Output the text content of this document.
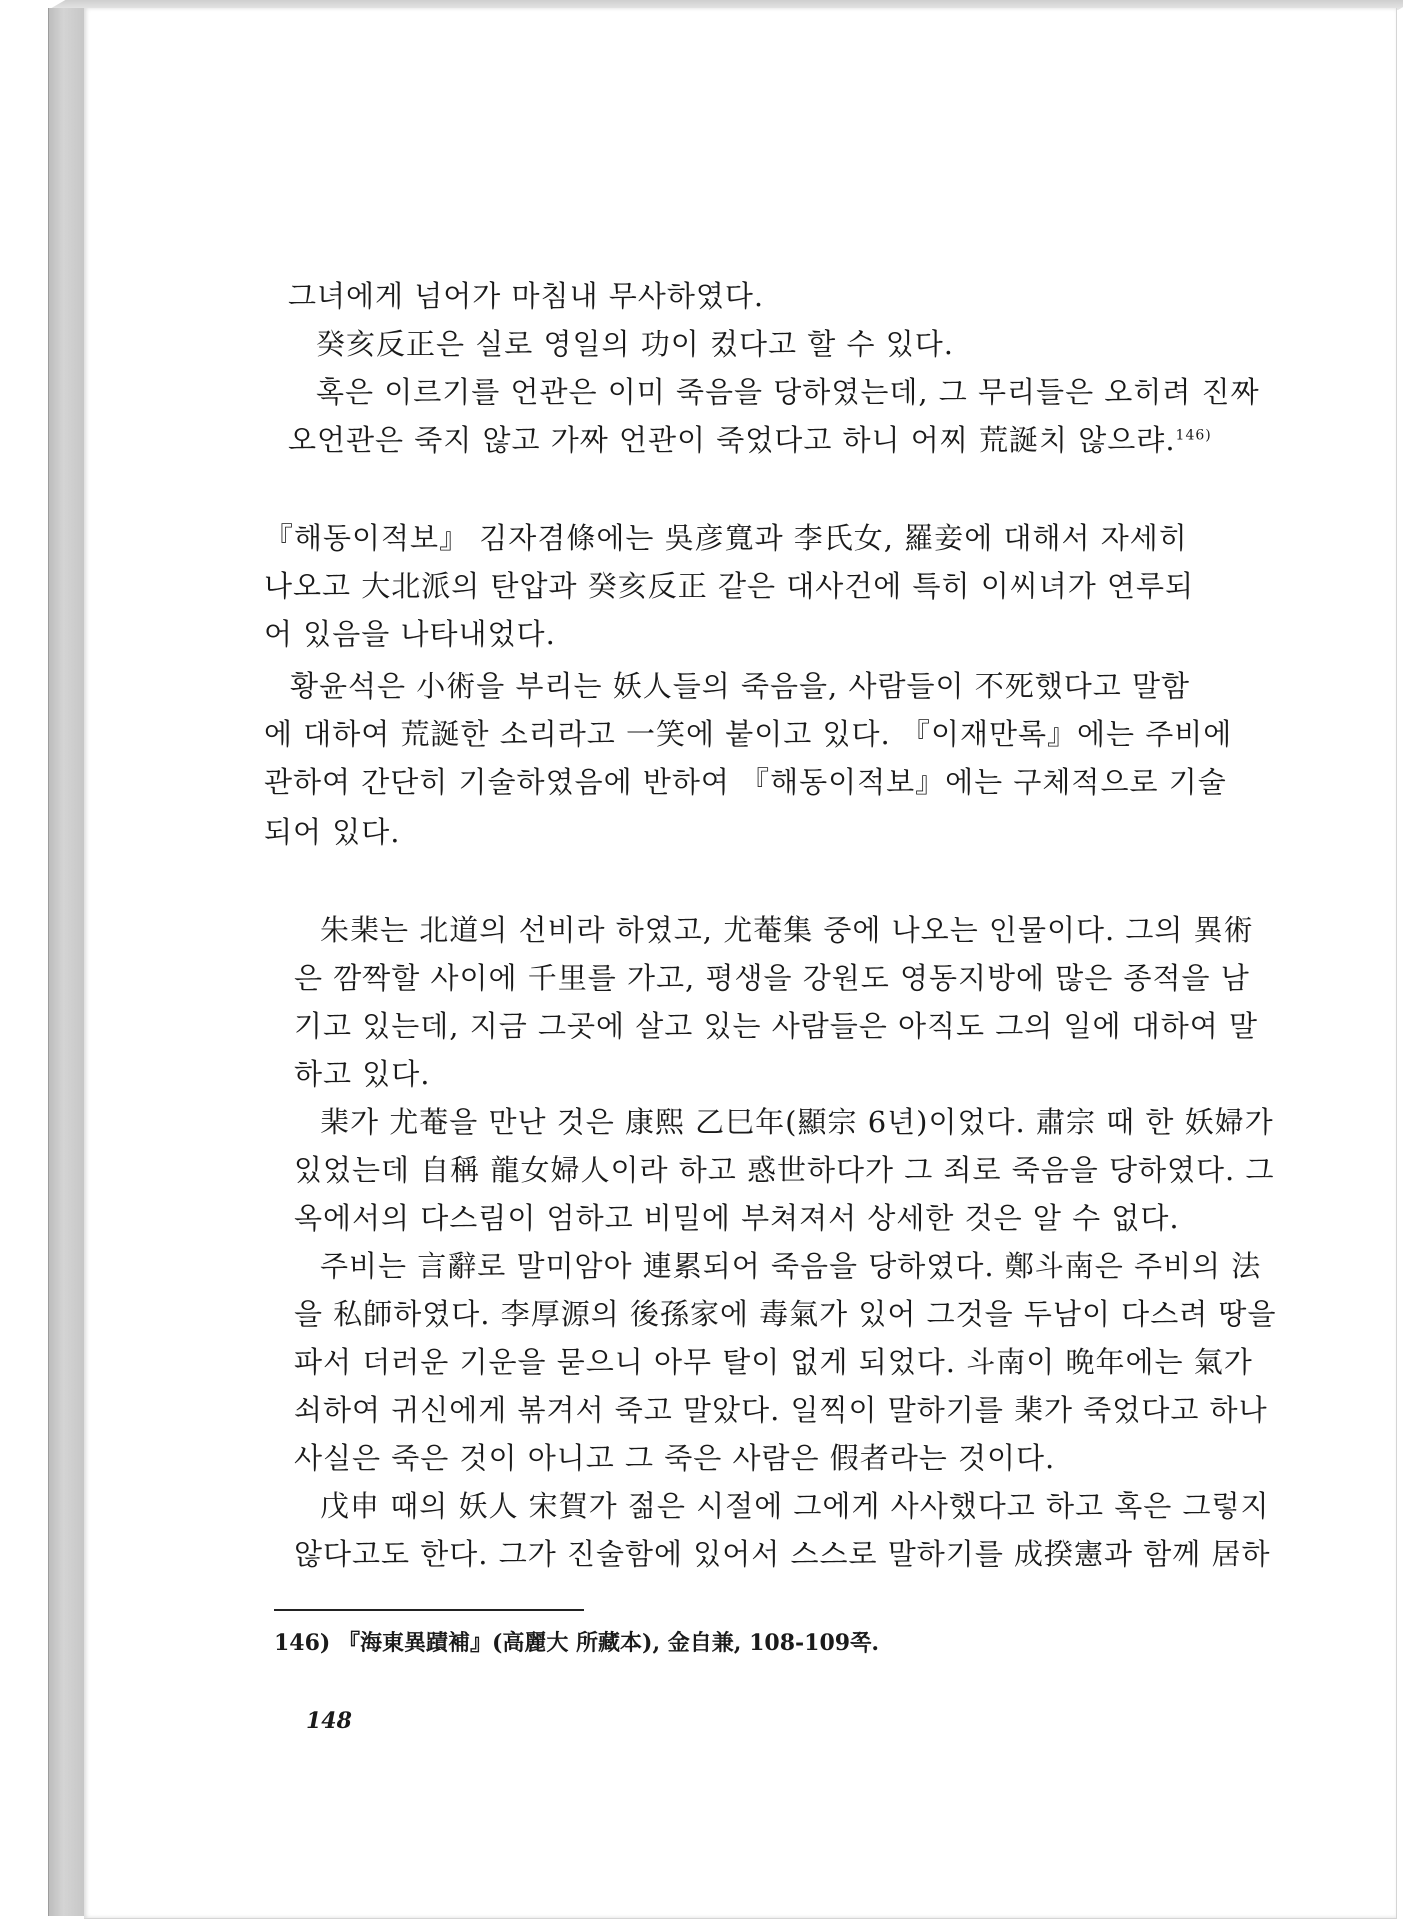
그녀에게 넘어가 마침내 무사하였다.
癸亥反正은 실로 영일의 功이 컸다고 할 수 있다.
혹은 이르기를 언관은 이미 죽음을 당하였는데, 그 무리들은 오히려 진짜
오언관은 죽지 않고 가짜 언관이 죽었다고 하니 어찌 荒誕치 않으랴.$^{146)}$
『해동이적보』 김자겸條에는 吳彦寬과 李氏女, 羅妾에 대해서 자세히
나오고 大北派의 탄압과 癸亥反正 같은 대사건에 특히 이씨녀가 연루되
어 있음을 나타내었다.
황윤석은 小術을 부리는 妖人들의 죽음을, 사람들이 不死했다고 말함
에 대하여 荒誕한 소리라고 一笑에 붙이고 있다. 『이재만록』에는 주비에
관하여 간단히 기술하였음에 반하여 『해동이적보』에는 구체적으로 기술
되어 있다.
朱棐는 北道의 선비라 하였고, 尤菴集 중에 나오는 인물이다. 그의 異術
은 깜짝할 사이에 千里를 가고, 평생을 강원도 영동지방에 많은 종적을 남
기고 있는데, 지금 그곳에 살고 있는 사람들은 아직도 그의 일에 대하여 말
하고 있다.
棐가 尤菴을 만난 것은 康熙 乙巳年(顯宗 6년)이었다. 肅宗 때 한 妖婦가
있었는데 自稱 龍女婦人이라 하고 惑世하다가 그 죄로 죽음을 당하였다. 그
옥에서의 다스림이 엄하고 비밀에 부쳐져서 상세한 것은 알 수 없다.
주비는 言辭로 말미암아 連累되어 죽음을 당하였다. 鄭斗南은 주비의 法
을 私師하였다. 李厚源의 後孫家에 毒氣가 있어 그것을 두남이 다스려 땅을
파서 더러운 기운을 묻으니 아무 탈이 없게 되었다. 斗南이 晩年에는 氣가
쇠하여 귀신에게 볶겨서 죽고 말았다. 일찍이 말하기를 棐가 죽었다고 하나
사실은 죽은 것이 아니고 그 죽은 사람은 假者라는 것이다.
戊申 때의 妖人 宋賀가 젊은 시절에 그에게 사사했다고 하고 혹은 그렇지
않다고도 한다. 그가 진술함에 있어서 스스로 말하기를 成揆憲과 함께 居하
146) 『海東異蹟補』(高麗大 所藏本), 金自兼, 108-109쪽.
148
